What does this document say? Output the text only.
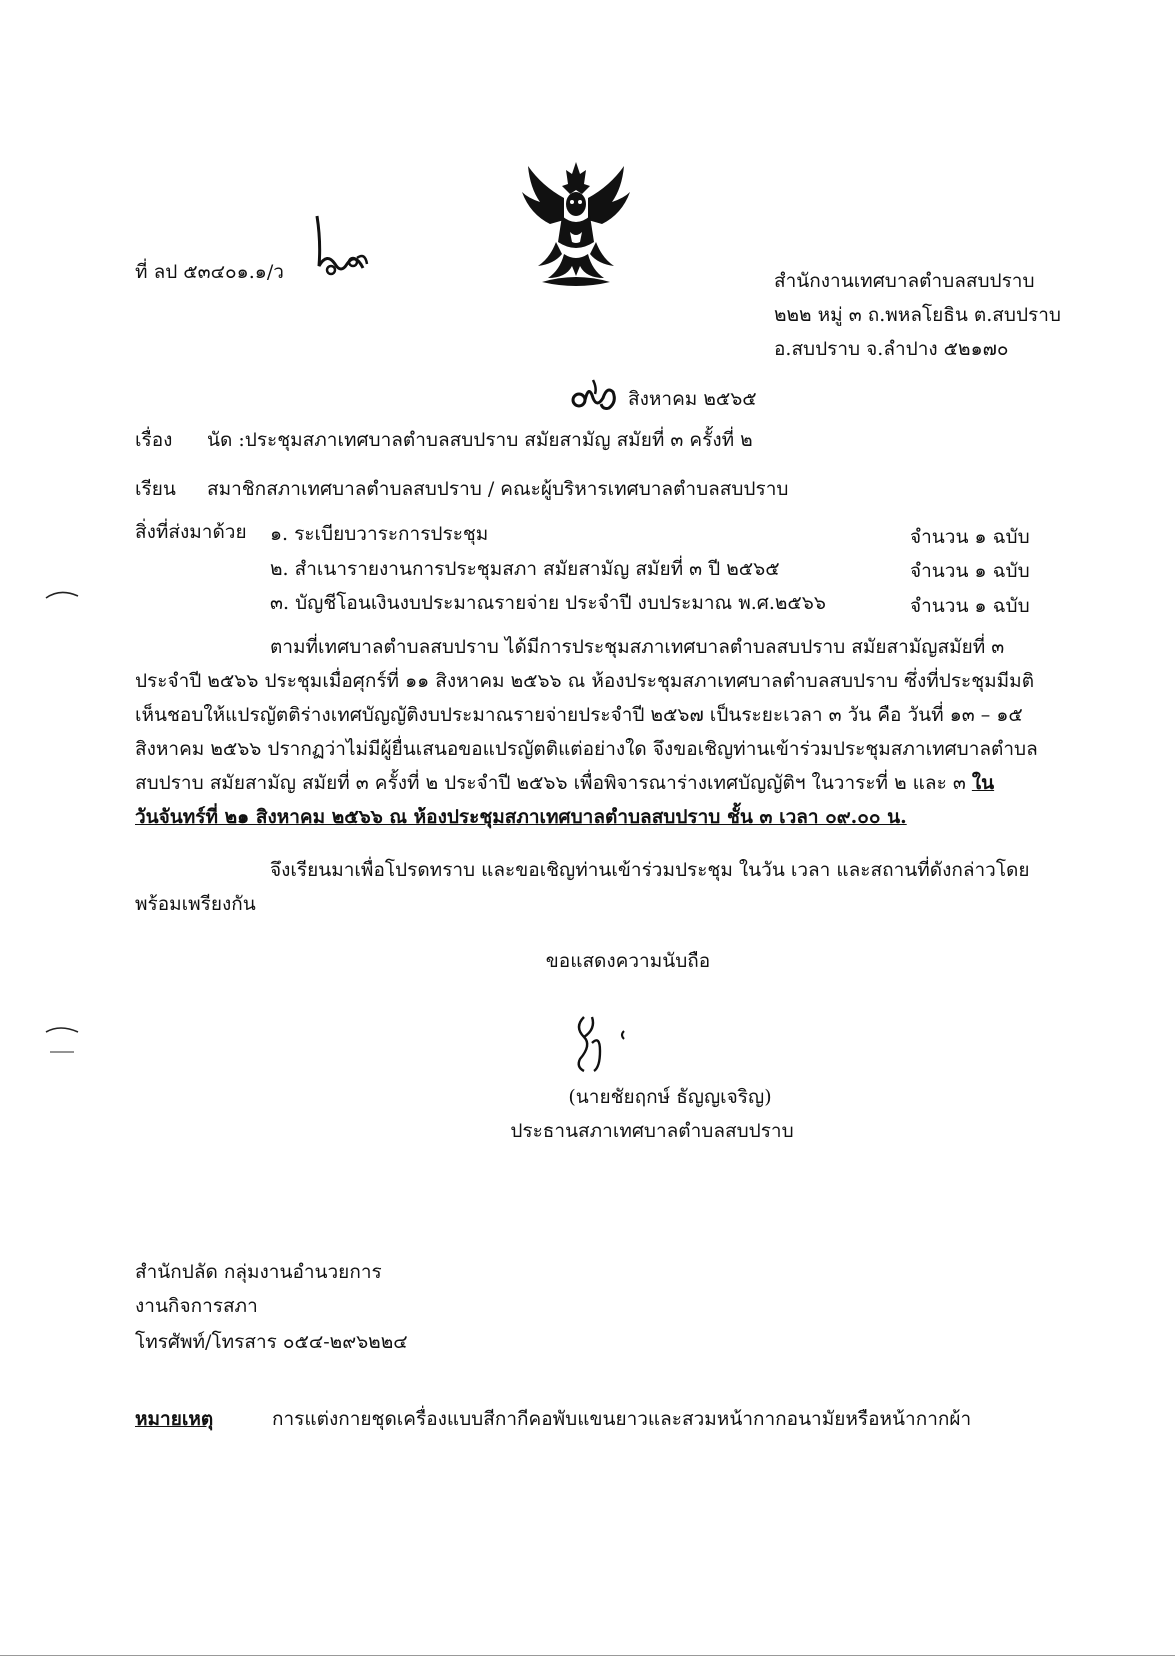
ที่ ลป ๕๓๔๐๑.๑/ว	สำนักงานเทศบาลตำบลสบปราบ
๒๒๒ หมู่ ๓ ถ.พหลโยธิน ต.สบปราบ
อ.สบปราบ จ.ลำปาง ๕๒๑๗๐
สิงหาคม ๒๕๖๕
เรื่อง นัด :ประชุมสภาเทศบาลตำบลสบปราบ สมัยสามัญ สมัยที่ ๓ ครั้งที่ ๒
เรียน สมาชิกสภาเทศบาลตำบลสบปราบ / คณะผู้บริหารเทศบาลตำบลสบปราบ
สิ่งที่ส่งมาด้วย ๑. ระเบียบวาระการประชุม	จำนวน ๑ ฉบับ
๒. สำเนารายงานการประชุมสภา สมัยสามัญ สมัยที่ ๓ ปี ๒๕๖๕	จำนวน ๑ ฉบับ
๓. บัญชีโอนเงินงบประมาณรายจ่าย ประจำปี งบประมาณ พ.ศ.๒๕๖๖	จำนวน ๑ ฉบับ
ตามที่เทศบาลตำบลสบปราบ ได้มีการประชุมสภาเทศบาลตำบลสบปราบ สมัยสามัญสมัยที่ ๓
ประจำปี ๒๕๖๖ ประชุมเมื่อศุกร์ที่ ๑๑ สิงหาคม ๒๕๖๖ ณ ห้องประชุมสภาเทศบาลตำบลสบปราบ ซึ่งที่ประชุมมีมติ
เห็นชอบให้แปรญัตติร่างเทศบัญญัติงบประมาณรายจ่ายประจำปี ๒๕๖๗ เป็นระยะเวลา ๓ วัน คือ วันที่ ๑๓ – ๑๕
สิงหาคม ๒๕๖๖ ปรากฏว่าไม่มีผู้ยื่นเสนอขอแปรญัตติแต่อย่างใด จึงขอเชิญท่านเข้าร่วมประชุมสภาเทศบาลตำบล
สบปราบ สมัยสามัญ สมัยที่ ๓ ครั้งที่ ๒ ประจำปี ๒๕๖๖ เพื่อพิจารณาร่างเทศบัญญัติฯ ในวาระที่ ๒ และ ๓ ใน
วันจันทร์ที่ ๒๑ สิงหาคม ๒๕๖๖ ณ ห้องประชุมสภาเทศบาลตำบลสบปราบ ชั้น ๓ เวลา ๐๙.๐๐ น.
จึงเรียนมาเพื่อโปรดทราบ และขอเชิญท่านเข้าร่วมประชุม ในวัน เวลา และสถานที่ดังกล่าวโดย
พร้อมเพรียงกัน
ขอแสดงความนับถือ
(นายชัยฤกษ์ ธัญญเจริญ)
ประธานสภาเทศบาลตำบลสบปราบ
สำนักปลัด กลุ่มงานอำนวยการ
งานกิจการสภา
โทรศัพท์/โทรสาร ๐๕๔-๒๙๖๒๒๔
หมายเหตุ	การแต่งกายชุดเครื่องแบบสีกากีคอพับแขนยาวและสวมหน้ากากอนามัยหรือหน้ากากผ้า
